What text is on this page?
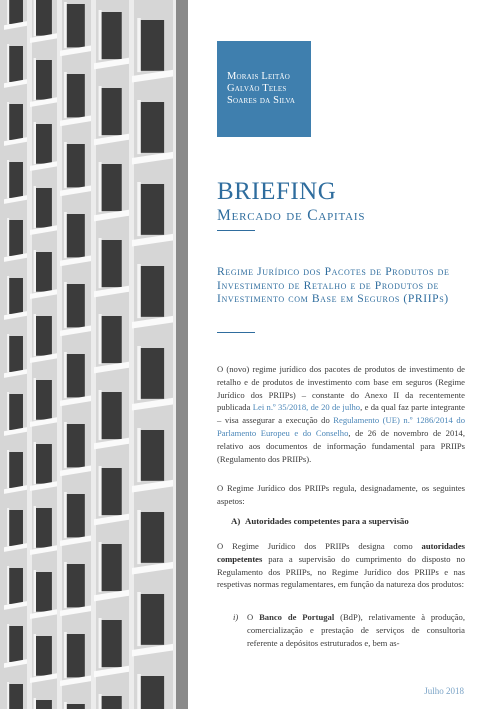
Morais Leitão
Galvão Teles
Soares da Silva
BRIEFING
Mercado de Capitais
Regime Jurídico dos Pacotes de Produtos de Investimento de Retalho e de Produtos de Investimento com Base em Seguros (PRIIPs)

O (novo) regime jurídico dos pacotes de produtos de investimento de retalho e de produtos de investimento com base em seguros (Regime Jurídico dos PRIIPs) – constante do Anexo II da recentemente publicada Lei n.º 35/2018, de 20 de julho, e da qual faz parte integrante – visa assegurar a execução do Regulamento (UE) n.º 1286/2014 do Parlamento Europeu e do Conselho, de 26 de novembro de 2014, relativo aos documentos de informação fundamental para PRIIPs (Regulamento dos PRIIPs).

O Regime Jurídico dos PRIIPs regula, designadamente, os seguintes aspetos:

A) Autoridades competentes para a supervisão

O Regime Jurídico dos PRIIPs designa como autoridades competentes para a supervisão do cumprimento do disposto no Regulamento dos PRIIPs, no Regime Jurídico dos PRIIPs e nas respetivas normas regulamentares, em função da natureza dos produtos:

i)	O Banco de Portugal (BdP), relativamente à produção, comercialização e prestação de serviços de consultoria referente a depósitos estruturados e, bem as-
Julho 2018
